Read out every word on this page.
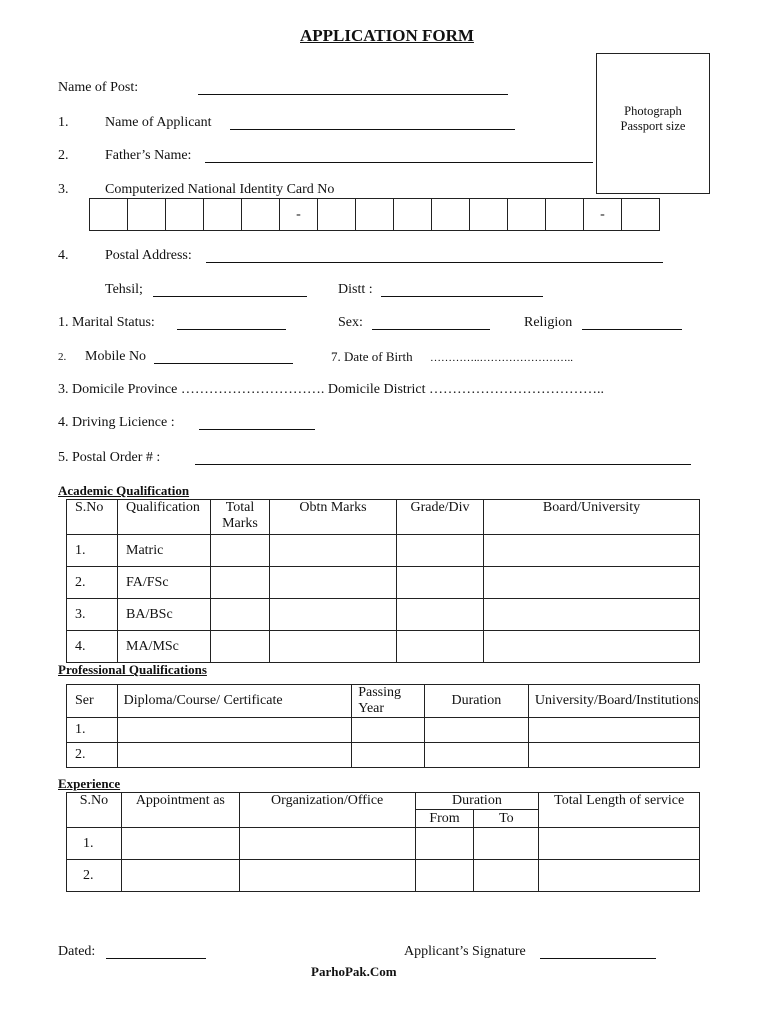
APPLICATION FORM
Photograph
Passport size
Name of Post:
1.	Name of Applicant
2.	Father’s Name:
3.	Computerized National Identity Card No
					-								-	
4.	Postal Address:
Tehsil;	Distt :
1. Marital Status:	Sex:	Religion
2. Mobile No	7. Date of Birth …………..……………………..
3. Domicile Province …………………………. Domicile District ………………………………..
4. Driving Licience :
5. Postal Order # :
Academic Qualification
S.No	Qualification	Total Marks	Obtn Marks	Grade/Div	Board/University
1.	Matric				
2.	FA/FSc				
3.	BA/BSc				
4.	MA/MSc				
Professional Qualifications
Ser	Diploma/Course/ Certificate	Passing Year	Duration	University/Board/Institutions
1.				
2.				
Experience
S.No	Appointment as	Organization/Office	Duration		Total Length of service
			From	To	
1.					
2.					
Dated:	Applicant’s Signature
ParhoPak.Com
